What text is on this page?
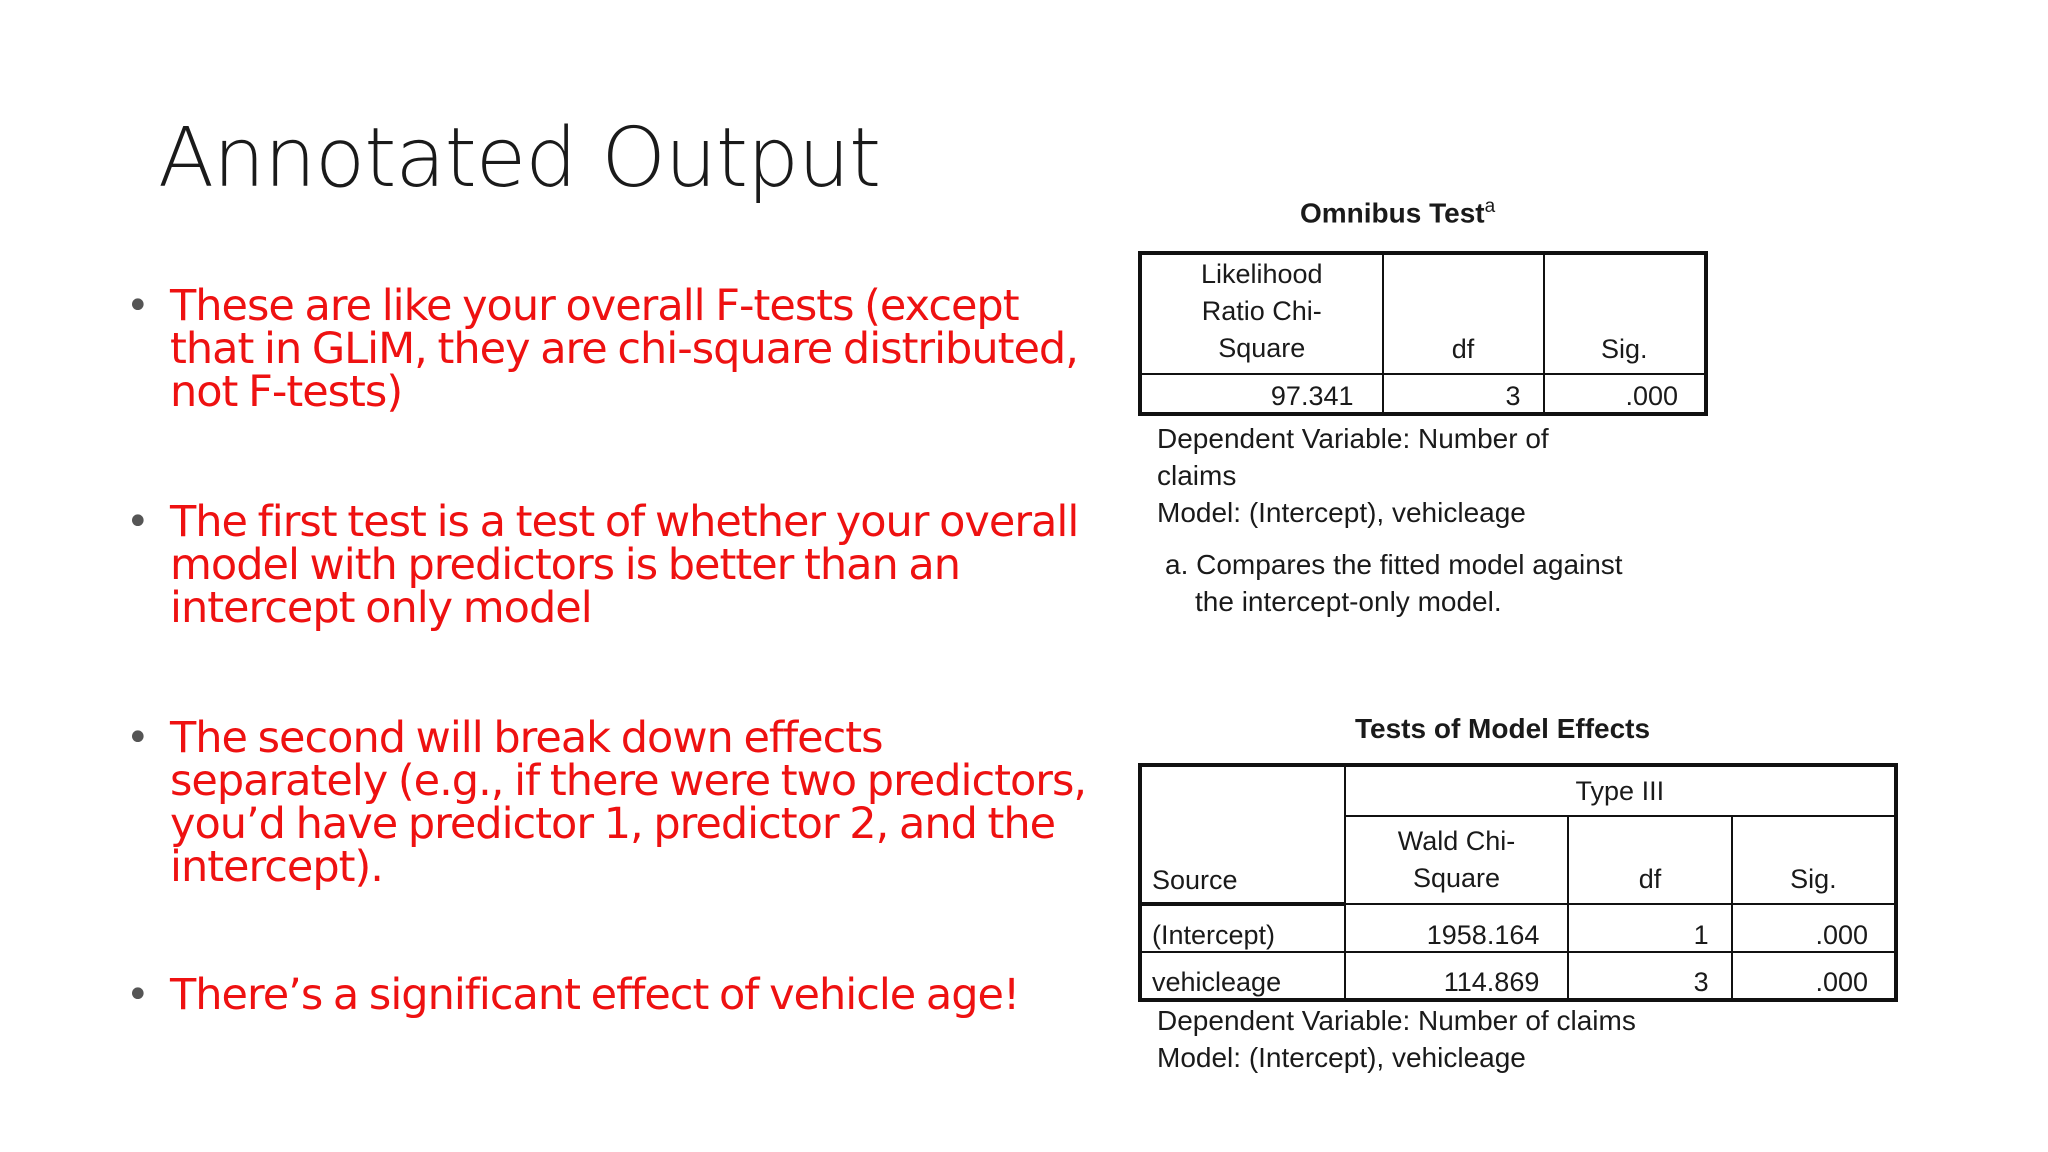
Annotated Output
• These are like your overall F-tests (except that in GLiM, they are chi-square distributed, not F-tests)
• The first test is a test of whether your overall model with predictors is better than an intercept only model
• The second will break down effects separately (e.g., if there were two predictors, you’d have predictor 1, predictor 2, and the intercept).
• There’s a significant effect of vehicle age!
Omnibus Test$^a$
Likelihood Ratio Chi-Square	df	Sig.
97.341	3	.000
Dependent Variable: Number of
claims
Model: (Intercept), vehicleage
a. Compares the fitted model against
the intercept-only model.
Tests of Model Effects
Source	Type III		

	Wald Chi-Square	df	Sig.
(Intercept)	1958.164	1	.000
vehicleage	114.869	3	.000
Dependent Variable: Number of claims
Model: (Intercept), vehicleage
